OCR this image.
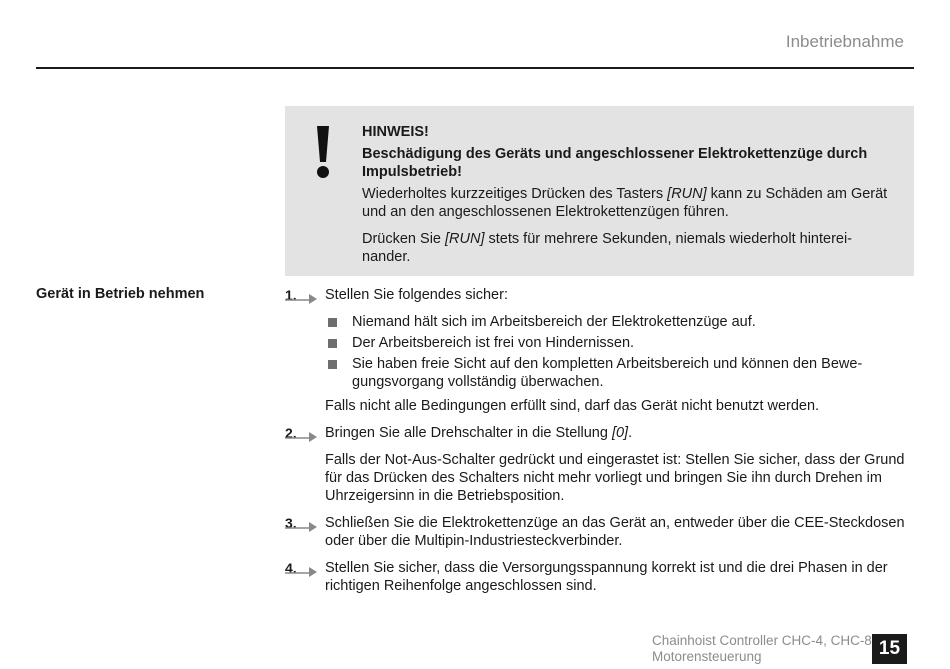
Inbetriebnahme
HINWEIS!
Beschädigung des Geräts und angeschlossener Elektrokettenzüge durch Impulsbetrieb!

Wiederholtes kurzzeitiges Drücken des Tasters [RUN] kann zu Schäden am Gerät und an den angeschlossenen Elektrokettenzügen führen.

Drücken Sie [RUN] stets für mehrere Sekunden, niemals wiederholt hinterei-nander.

Gerät in Betrieb nehmen	1.	Stellen Sie folgendes sicher:

Niemand hält sich im Arbeitsbereich der Elektrokettenzüge auf.
Der Arbeitsbereich ist frei von Hindernissen.
Sie haben freie Sicht auf den kompletten Arbeitsbereich und können den Bewe-gungsvorgang vollständig überwachen.

Falls nicht alle Bedingungen erfüllt sind, darf das Gerät nicht benutzt werden.

2.	Bringen Sie alle Drehschalter in die Stellung [0].

Falls der Not-Aus-Schalter gedrückt und eingerastet ist: Stellen Sie sicher, dass der Grund für das Drücken des Schalters nicht mehr vorliegt und bringen Sie ihn durch Drehen im Uhrzeigersinn in die Betriebsposition.

3.	Schließen Sie die Elektrokettenzüge an das Gerät an, entweder über die CEE-Steckdosen oder über die Multipin-Industriesteckverbinder.

4.	Stellen Sie sicher, dass die Versorgungsspannung korrekt ist und die drei Phasen in der richtigen Reihenfolge angeschlossen sind.

Chainhoist Controller CHC-4, CHC-8
Motorensteuerung	15
